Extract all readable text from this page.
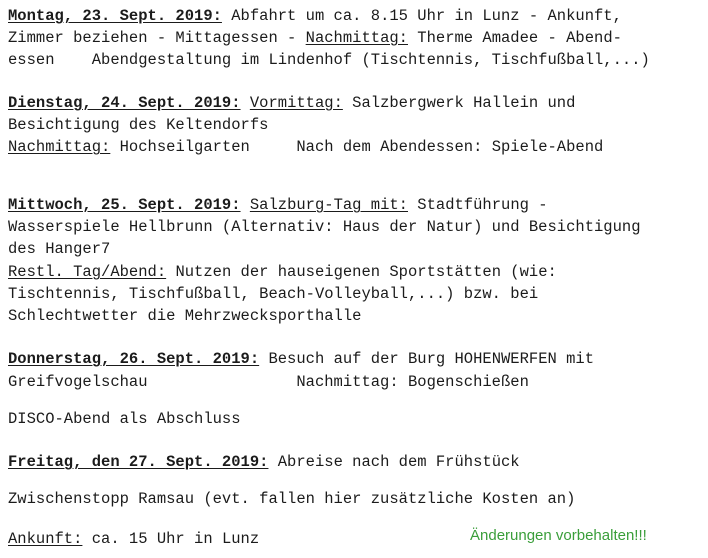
Montag, 23. Sept. 2019: Abfahrt um ca. 8.15 Uhr in Lunz - Ankunft,
Zimmer beziehen - Mittagessen - Nachmittag: Therme Amadee - Abend-
essen    Abendgestaltung im Lindenhof (Tischtennis, Tischfußball,...)
Dienstag, 24. Sept. 2019: Vormittag: Salzbergwerk Hallein und
Besichtigung des Keltendorfs
Nachmittag: Hochseilgarten     Nach dem Abendessen: Spiele-Abend
Mittwoch, 25. Sept. 2019: Salzburg-Tag mit: Stadtführung -
Wasserspiele Hellbrunn (Alternativ: Haus der Natur) und Besichtigung
des Hanger7
Restl. Tag/Abend: Nutzen der hauseigenen Sportstätten (wie:
Tischtennis, Tischfußball, Beach-Volleyball,...) bzw. bei
Schlechtwetter die Mehrzwecksporthalle
Donnerstag, 26. Sept. 2019: Besuch auf der Burg HOHENWERFEN mit
Greifvogelschau                Nachmittag: Bogenschießen
DISCO-Abend als Abschluss
Freitag, den 27. Sept. 2019: Abreise nach dem Frühstück
Zwischenstopp Ramsau (evt. fallen hier zusätzliche Kosten an)
Ankunft: ca. 15 Uhr in Lunz	Änderungen vorbehalten!!!
